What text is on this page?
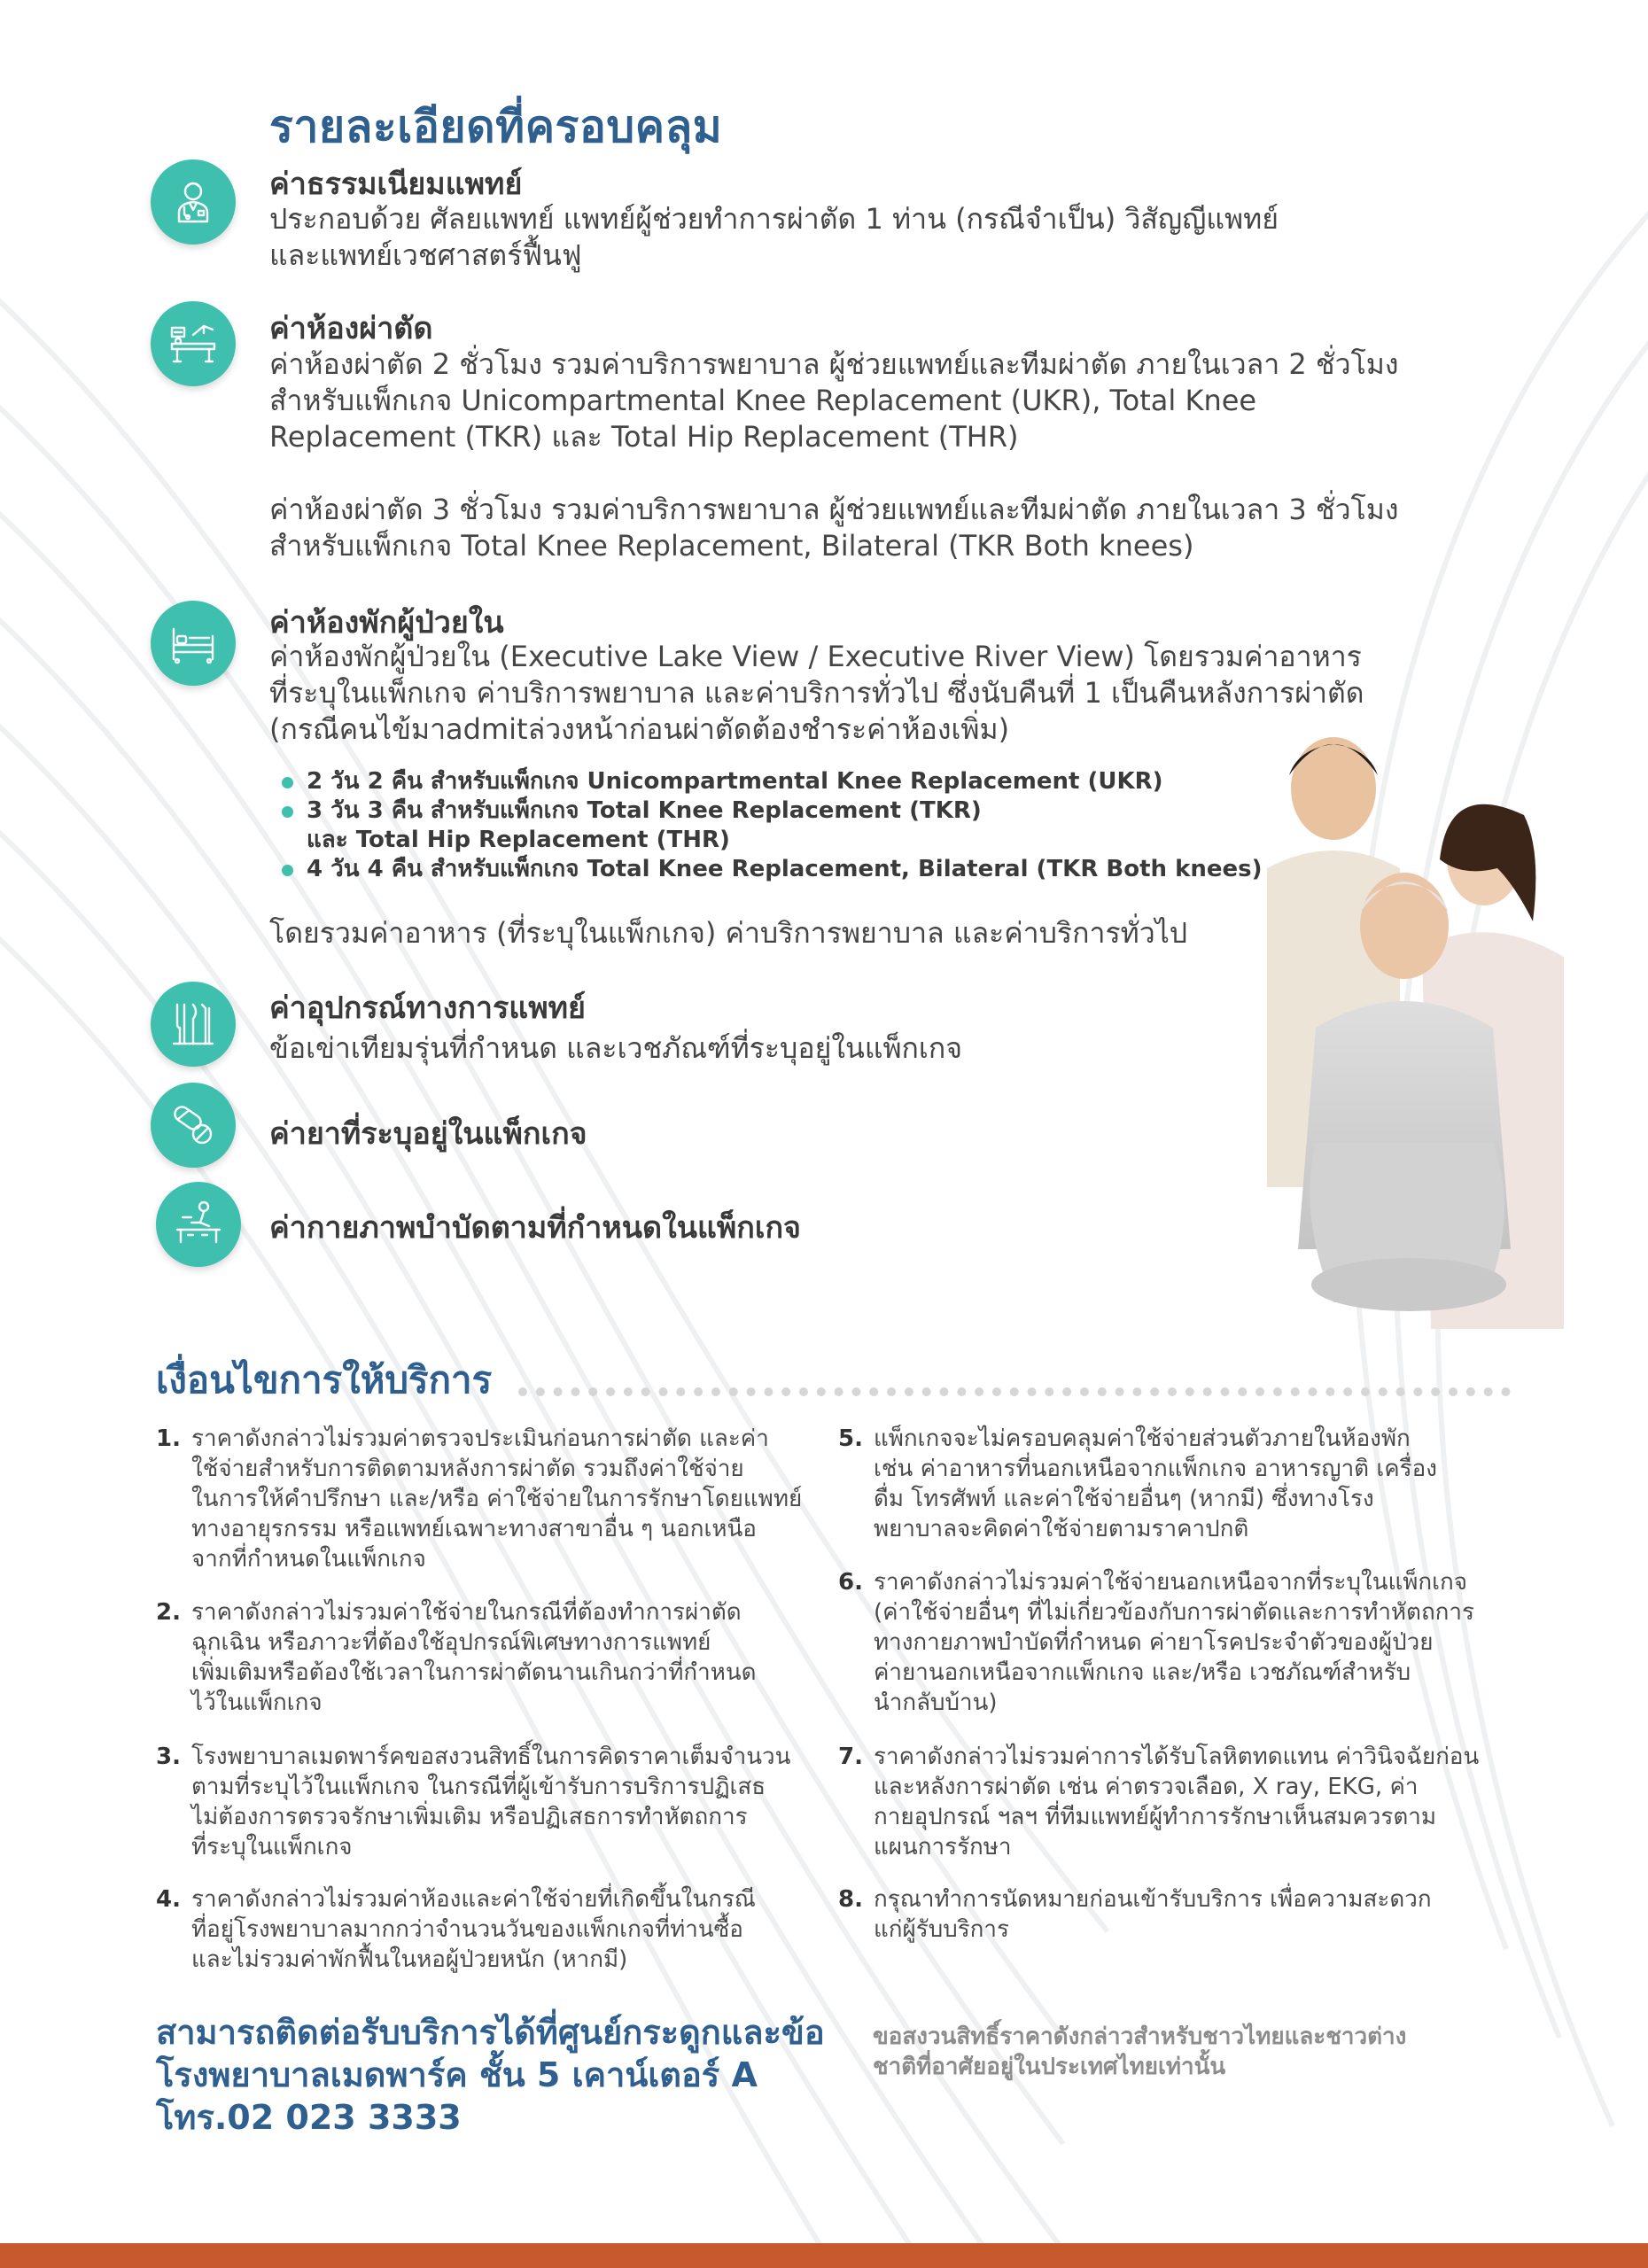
รายละเอียดที่ครอบคลุม
ค่าธรรมเนียมแพทย์

ประกอบด้วย ศัลยแพทย์ แพทย์ผู้ช่วยทำการผ่าตัด 1 ท่าน (กรณีจำเป็น) วิสัญญีแพทย์

และแพทย์เวชศาสตร์ฟื้นฟู

ค่าห้องผ่าตัด

ค่าห้องผ่าตัด 2 ชั่วโมง รวมค่าบริการพยาบาล ผู้ช่วยแพทย์และทีมผ่าตัด ภายในเวลา 2 ชั่วโมง

สำหรับแพ็กเกจ Unicompartmental Knee Replacement (UKR), Total Knee

Replacement (TKR) และ Total Hip Replacement (THR)

ค่าห้องผ่าตัด 3 ชั่วโมง รวมค่าบริการพยาบาล ผู้ช่วยแพทย์และทีมผ่าตัด ภายในเวลา 3 ชั่วโมง

สำหรับแพ็กเกจ Total Knee Replacement, Bilateral (TKR Both knees)

ค่าห้องพักผู้ป่วยใน

ค่าห้องพักผู้ป่วยใน (Executive Lake View / Executive River View) โดยรวมค่าอาหาร

ที่ระบุในแพ็กเกจ ค่าบริการพยาบาล และค่าบริการทั่วไป ซึ่งนับคืนที่ 1 เป็นคืนหลังการผ่าตัด

(กรณีคนไข้มาadmitล่วงหน้าก่อนผ่าตัดต้องชำระค่าห้องเพิ่ม)

2 วัน 2 คืน สำหรับแพ็กเกจ Unicompartmental Knee Replacement (UKR)
3 วัน 3 คืน สำหรับแพ็กเกจ Total Knee Replacement (TKR)
และ Total Hip Replacement (THR)
4 วัน 4 คืน สำหรับแพ็กเกจ Total Knee Replacement, Bilateral (TKR Both knees)

โดยรวมค่าอาหาร (ที่ระบุในแพ็กเกจ) ค่าบริการพยาบาล และค่าบริการทั่วไป

ค่าอุปกรณ์ทางการแพทย์

ข้อเข่าเทียมรุ่นที่กำหนด และเวชภัณฑ์ที่ระบุอยู่ในแพ็กเกจ

ค่ายาที่ระบุอยู่ในแพ็กเกจ
ค่ากายภาพบำบัดตามที่กำหนดในแพ็กเกจ
เงื่อนไขการให้บริการ
1. ราคาดังกล่าวไม่รวมค่าตรวจประเมินก่อนการผ่าตัด และค่า
ใช้จ่ายสำหรับการติดตามหลังการผ่าตัด รวมถึงค่าใช้จ่าย
ในการให้คำปรึกษา และ/หรือ ค่าใช้จ่ายในการรักษาโดยแพทย์
ทางอายุรกรรม หรือแพทย์เฉพาะทางสาขาอื่น ๆ นอกเหนือ
จากที่กำหนดในแพ็กเกจ
2. ราคาดังกล่าวไม่รวมค่าใช้จ่ายในกรณีที่ต้องทำการผ่าตัด
ฉุกเฉิน หรือภาวะที่ต้องใช้อุปกรณ์พิเศษทางการแพทย์
เพิ่มเติมหรือต้องใช้เวลาในการผ่าตัดนานเกินกว่าที่กำหนด
ไว้ในแพ็กเกจ
3. โรงพยาบาลเมดพาร์คขอสงวนสิทธิ์ในการคิดราคาเต็มจำนวน
ตามที่ระบุไว้ในแพ็กเกจ ในกรณีที่ผู้เข้ารับการบริการปฏิเสธ
ไม่ต้องการตรวจรักษาเพิ่มเติม หรือปฏิเสธการทำหัตถการ
ที่ระบุในแพ็กเกจ
4. ราคาดังกล่าวไม่รวมค่าห้องและค่าใช้จ่ายที่เกิดขึ้นในกรณี
ที่อยู่โรงพยาบาลมากกว่าจำนวนวันของแพ็กเกจที่ท่านซื้อ
และไม่รวมค่าพักฟื้นในหอผู้ป่วยหนัก (หากมี)
5. แพ็กเกจจะไม่ครอบคลุมค่าใช้จ่ายส่วนตัวภายในห้องพัก
เช่น ค่าอาหารที่นอกเหนือจากแพ็กเกจ อาหารญาติ เครื่อง
ดื่ม โทรศัพท์ และค่าใช้จ่ายอื่นๆ (หากมี) ซึ่งทางโรง
พยาบาลจะคิดค่าใช้จ่ายตามราคาปกติ
6. ราคาดังกล่าวไม่รวมค่าใช้จ่ายนอกเหนือจากที่ระบุในแพ็กเกจ
(ค่าใช้จ่ายอื่นๆ ที่ไม่เกี่ยวข้องกับการผ่าตัดและการทำหัตถการ
ทางกายภาพบำบัดที่กำหนด ค่ายาโรคประจำตัวของผู้ป่วย
ค่ายานอกเหนือจากแพ็กเกจ และ/หรือ เวชภัณฑ์สำหรับ
นำกลับบ้าน)
7. ราคาดังกล่าวไม่รวมค่าการได้รับโลหิตทดแทน ค่าวินิจฉัยก่อน
และหลังการผ่าตัด เช่น ค่าตรวจเลือด, X ray, EKG, ค่า
กายอุปกรณ์ ฯลฯ ที่ทีมแพทย์ผู้ทำการรักษาเห็นสมควรตาม
แผนการรักษา
8. กรุณาทำการนัดหมายก่อนเข้ารับบริการ เพื่อความสะดวก
แก่ผู้รับบริการ
สามารถติดต่อรับบริการได้ที่ศูนย์กระดูกและข้อ
โรงพยาบาลเมดพาร์ค ชั้น 5 เคาน์เตอร์ A
โทร.02 023 3333
ขอสงวนสิทธิ์ราคาดังกล่าวสำหรับชาวไทยและชาวต่าง
ชาติที่อาศัยอยู่ในประเทศไทยเท่านั้น
